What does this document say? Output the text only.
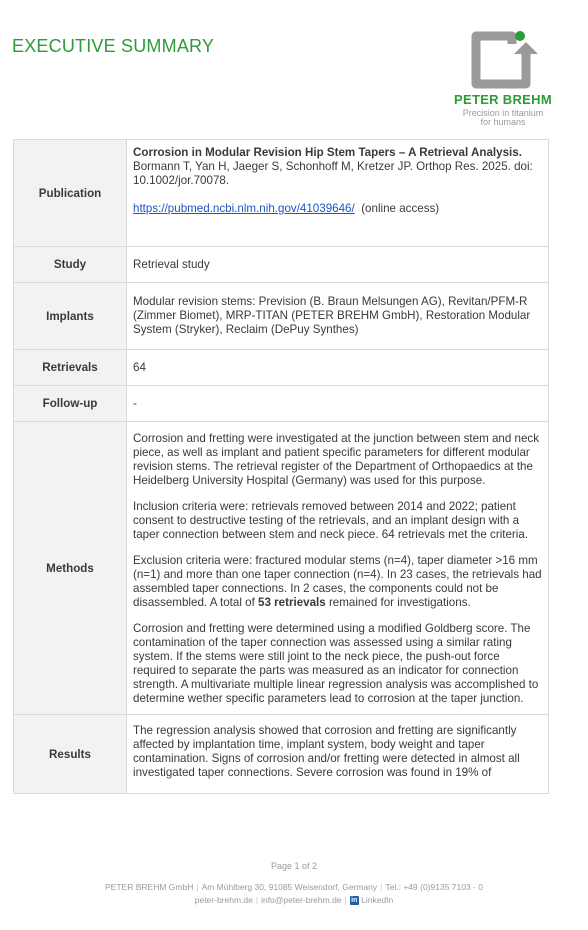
EXECUTIVE SUMMARY
PETER BREHM
Precision in titanium
for humans
Publication	Corrosion in Modular Revision Hip Stem Tapers – A Retrieval Analysis.
Bormann T, Yan H, Jaeger S, Schonhoff M, Kretzer JP. Orthop Res. 2025. doi: 10.1002/jor.70078.
https://pubmed.ncbi.nlm.nih.gov/41039646/ (online access)

Study	Retrieval study
Implants	Modular revision stems: Prevision (B. Braun Melsungen AG), Revitan/PFM-R (Zimmer Biomet), MRP-TITAN (PETER BREHM GmbH), Restoration Modular System (Stryker), Reclaim (DePuy Synthes)
Retrievals	64
Follow-up	-
Methods	Corrosion and fretting were investigated at the junction between stem and neck piece, as well as implant and patient specific parameters for different modular revision stems. The retrieval register of the Department of Orthopaedics at the Heidelberg University Hospital (Germany) was used for this purpose.

Inclusion criteria were: retrievals removed between 2014 and 2022; patient consent to destructive testing of the retrievals, and an implant design with a taper connection between stem and neck piece. 64 retrievals met the criteria.

Exclusion criteria were: fractured modular stems (n=4), taper diameter >16 mm (n=1) and more than one taper connection (n=4). In 23 cases, the retrievals had assembled taper connections. In 2 cases, the components could not be disassembled. A total of 53 retrievals remained for investigations.

Corrosion and fretting were determined using a modified Goldberg score. The contamination of the taper connection was assessed using a similar rating system. If the stems were still joint to the neck piece, the push-out force required to separate the parts was measured as an indicator for connection strength. A multivariate multiple linear regression analysis was accomplished to determine wether specific parameters lead to corrosion at the taper junction.

Results	The regression analysis showed that corrosion and fretting are significantly affected by implantation time, implant system, body weight and taper contamination. Signs of corrosion and/or fretting were detected in almost all investigated taper connections. Severe corrosion was found in 19% of
Page 1 of 2
PETER BREHM GmbH | Am Mühlberg 30, 91085 Weisendorf, Germany | Tel.: +49 (0)9135 7103 - 0
peter-brehm.de | info@peter-brehm.de | in LinkedIn
